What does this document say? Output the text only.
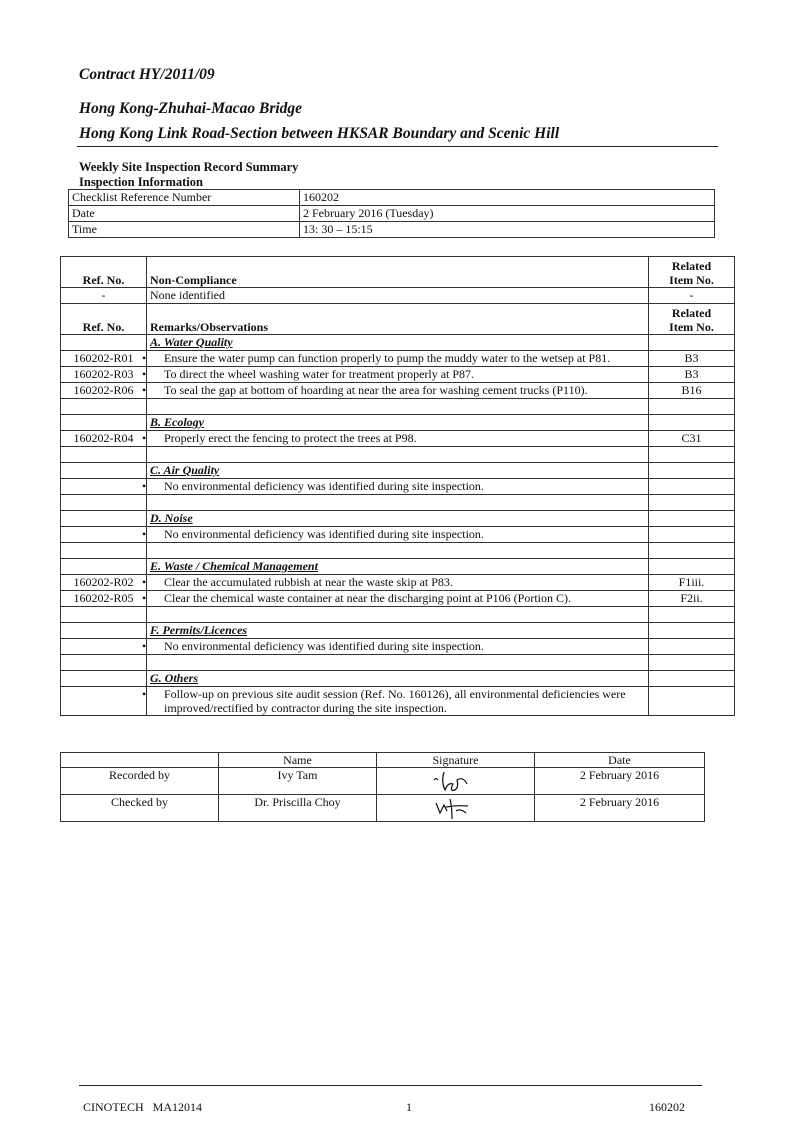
Contract HY/2011/09
Hong Kong-Zhuhai-Macao Bridge
Hong Kong Link Road-Section between HKSAR Boundary and Scenic Hill
Weekly Site Inspection Record Summary
Inspection Information
Checklist Reference Number	160202
Date	2 February 2016 (Tuesday)
Time	13: 30 – 15:15
Ref. No.	Non-Compliance	Related
Item No.
-	None identified	-
Ref. No.	Remarks/Observations	Related
Item No.
	A. Water Quality	
160202-R01	• Ensure the water pump can function properly to pump the muddy water to the wetsep at P81.	B3
160202-R03	• To direct the wheel washing water for treatment properly at P87.	B3
160202-R06	• To seal the gap at bottom of hoarding at near the area for washing cement trucks (P110).	B16

	B. Ecology	
160202-R04	• Properly erect the fencing to protect the trees at P98.	C31

	C. Air Quality	

	• No environmental deficiency was identified during site inspection.

	D. Noise	

	• No environmental deficiency was identified during site inspection.

	E. Waste / Chemical Management	
160202-R02	• Clear the accumulated rubbish at near the waste skip at P83.	F1iii.
160202-R05	• Clear the chemical waste container at near the discharging point at P106 (Portion C).	F2ii.

	F. Permits/Licences	

	• No environmental deficiency was identified during site inspection.

	G. Others	

	• Follow-up on previous site audit session (Ref. No. 160126), all environmental deficiencies were improved/rectified by contractor during the site inspection.

	Name	Signature	Date
Recorded by	Ivy Tam		2 February 2016
Checked by	Dr. Priscilla Choy		2 February 2016
CINOTECH   MA12014	1	160202
